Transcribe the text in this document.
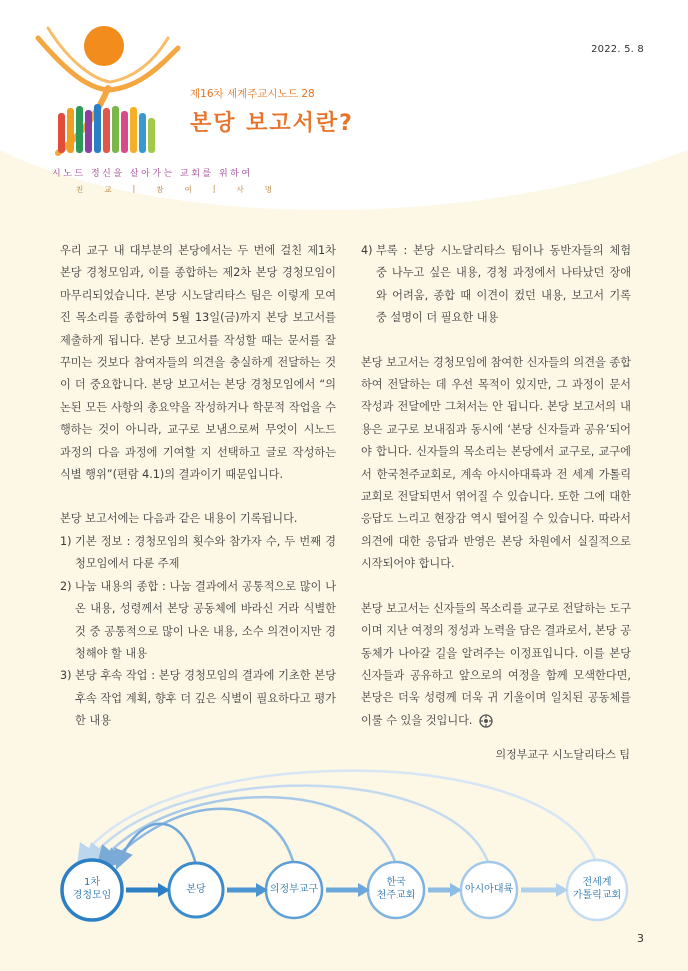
2022. 5. 8
제16차 세계주교시노드 28
본당 보고서란?
시노드 정신을 살아가는 교회를 위하여
친	교	|	참	여	|	사	명

우리 교구 내 대부분의 본당에서는 두 번에 걸친 제1차 본당 경청모임과, 이를 종합하는 제2차 본당 경청모임이 마무리되었습니다. 본당 시노달리타스 팀은 이렇게 모여진 목소리를 종합하여 5월 13일(금)까지 본당 보고서를 제출하게 됩니다. 본당 보고서를 작성할 때는 문서를 잘 꾸미는 것보다 참여자들의 의견을 충실하게 전달하는 것이 더 중요합니다. 본당 보고서는 본당 경청모임에서 “의논된 모든 사항의 총요약을 작성하거나 학문적 작업을 수행하는 것이 아니라, 교구로 보냄으로써 무엇이 시노드 과정의 다음 과정에 기여할 지 선택하고 글로 작성하는 식별 행위”(편람 4.1)의 결과이기 때문입니다.

본당 보고서에는 다음과 같은 내용이 기록됩니다.

1) 기본 정보 : 경청모임의 횟수와 참가자 수, 두 번째 경청모임에서 다룬 주제
2) 나눔 내용의 종합 : 나눔 결과에서 공통적으로 많이 나온 내용, 성령께서 본당 공동체에 바라신 거라 식별한 것 중 공통적으로 많이 나온 내용, 소수 의견이지만 경청해야 할 내용
3) 본당 후속 작업 : 본당 경청모임의 결과에 기초한 본당 후속 작업 계획, 향후 더 깊은 식별이 필요하다고 평가한 내용
4) 부록 : 본당 시노달리타스 팀이나 동반자들의 체험 중 나누고 싶은 내용, 경청 과정에서 나타났던 장애와 어려움, 종합 때 이견이 컸던 내용, 보고서 기록 중 설명이 더 필요한 내용

본당 보고서는 경청모임에 참여한 신자들의 의견을 종합하여 전달하는 데 우선 목적이 있지만, 그 과정이 문서 작성과 전달에만 그쳐서는 안 됩니다. 본당 보고서의 내용은 교구로 보내짐과 동시에 ‘본당 신자들과 공유’되어야 합니다. 신자들의 목소리는 본당에서 교구로, 교구에서 한국천주교회로, 계속 아시아대륙과 전 세계 가톨릭교회로 전달되면서 엮어질 수 있습니다. 또한 그에 대한 응답도 느리고 현장감 역시 떨어질 수 있습니다. 따라서 의견에 대한 응답과 반영은 본당 차원에서 실질적으로 시작되어야 합니다.

본당 보고서는 신자들의 목소리를 교구로 전달하는 도구이며 지난 여정의 정성과 노력을 담은 결과로서, 본당 공동체가 나아갈 길을 알려주는 이정표입니다. 이를 본당 신자들과 공유하고 앞으로의 여정을 함께 모색한다면, 본당은 더욱 성령께 더욱 귀 기울이며 일치된 공동체를 이룰 수 있을 것입니다.

의정부교구 시노달리타스 팀
1차
경청모임
본당	의정부교구
한국
천주교회
아시아대륙
전세계
가톨릭교회
3
